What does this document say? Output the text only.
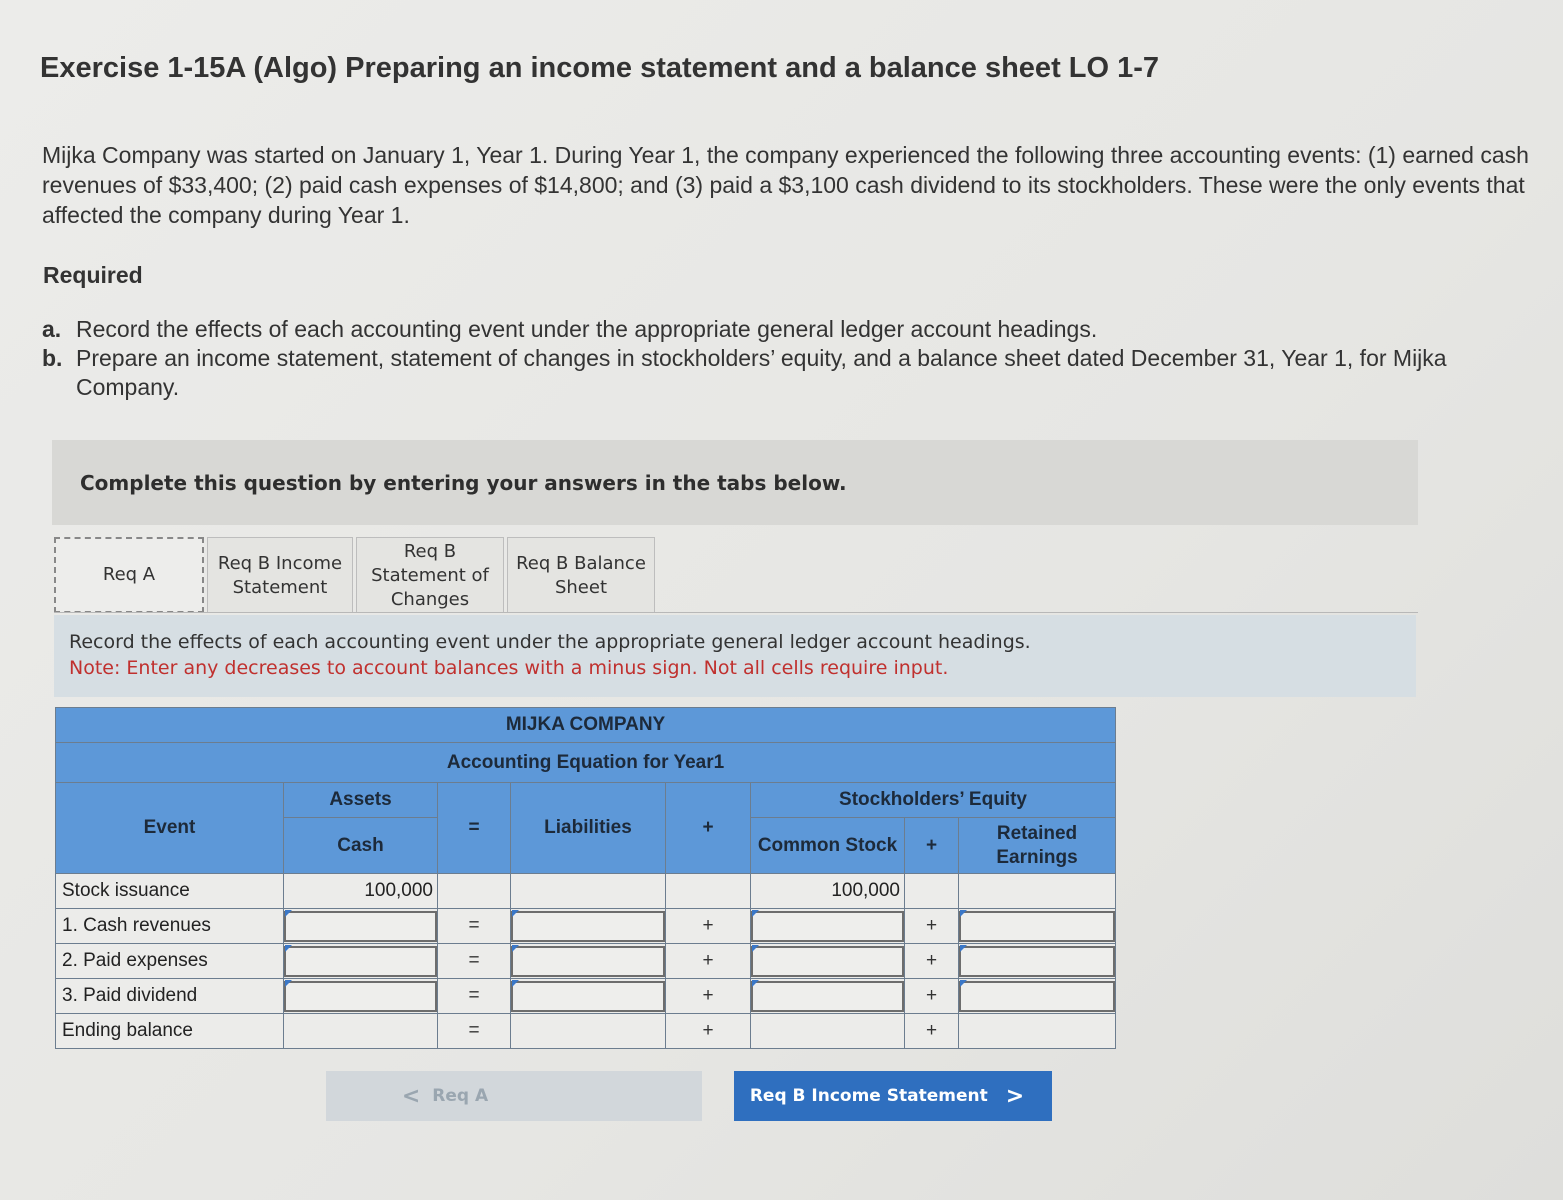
Exercise 1-15A (Algo) Preparing an income statement and a balance sheet LO 1-7
Mijka Company was started on January 1, Year 1. During Year 1, the company experienced the following three accounting events: (1) earned cash revenues of $33,400; (2) paid cash expenses of $14,800; and (3) paid a $3,100 cash dividend to its stockholders. These were the only events that affected the company during Year 1.
Required
a. Record the effects of each accounting event under the appropriate general ledger account headings.
b. Prepare an income statement, statement of changes in stockholders’ equity, and a balance sheet dated December 31, Year 1, for Mijka Company.
Complete this question by entering your answers in the tabs below.
Req A
Req B Income Statement
Req B Statement of Changes
Req B Balance Sheet
Record the effects of each accounting event under the appropriate general ledger account headings.
Note: Enter any decreases to account balances with a minus sign. Not all cells require input.
MIJKA COMPANY							
Accounting Equation for Year1							
Event	Assets	=	Liabilities	+	Stockholders’ Equity		
	Cash				Common Stock	+	Retained Earnings
Stock issuance	100,000				100,000		
1. Cash revenues		=		+		+	

2. Paid expenses		=		+		+	

3. Paid dividend		=		+		+	

Ending balance		=		+		+	
< Req A	Req B Income Statement >
